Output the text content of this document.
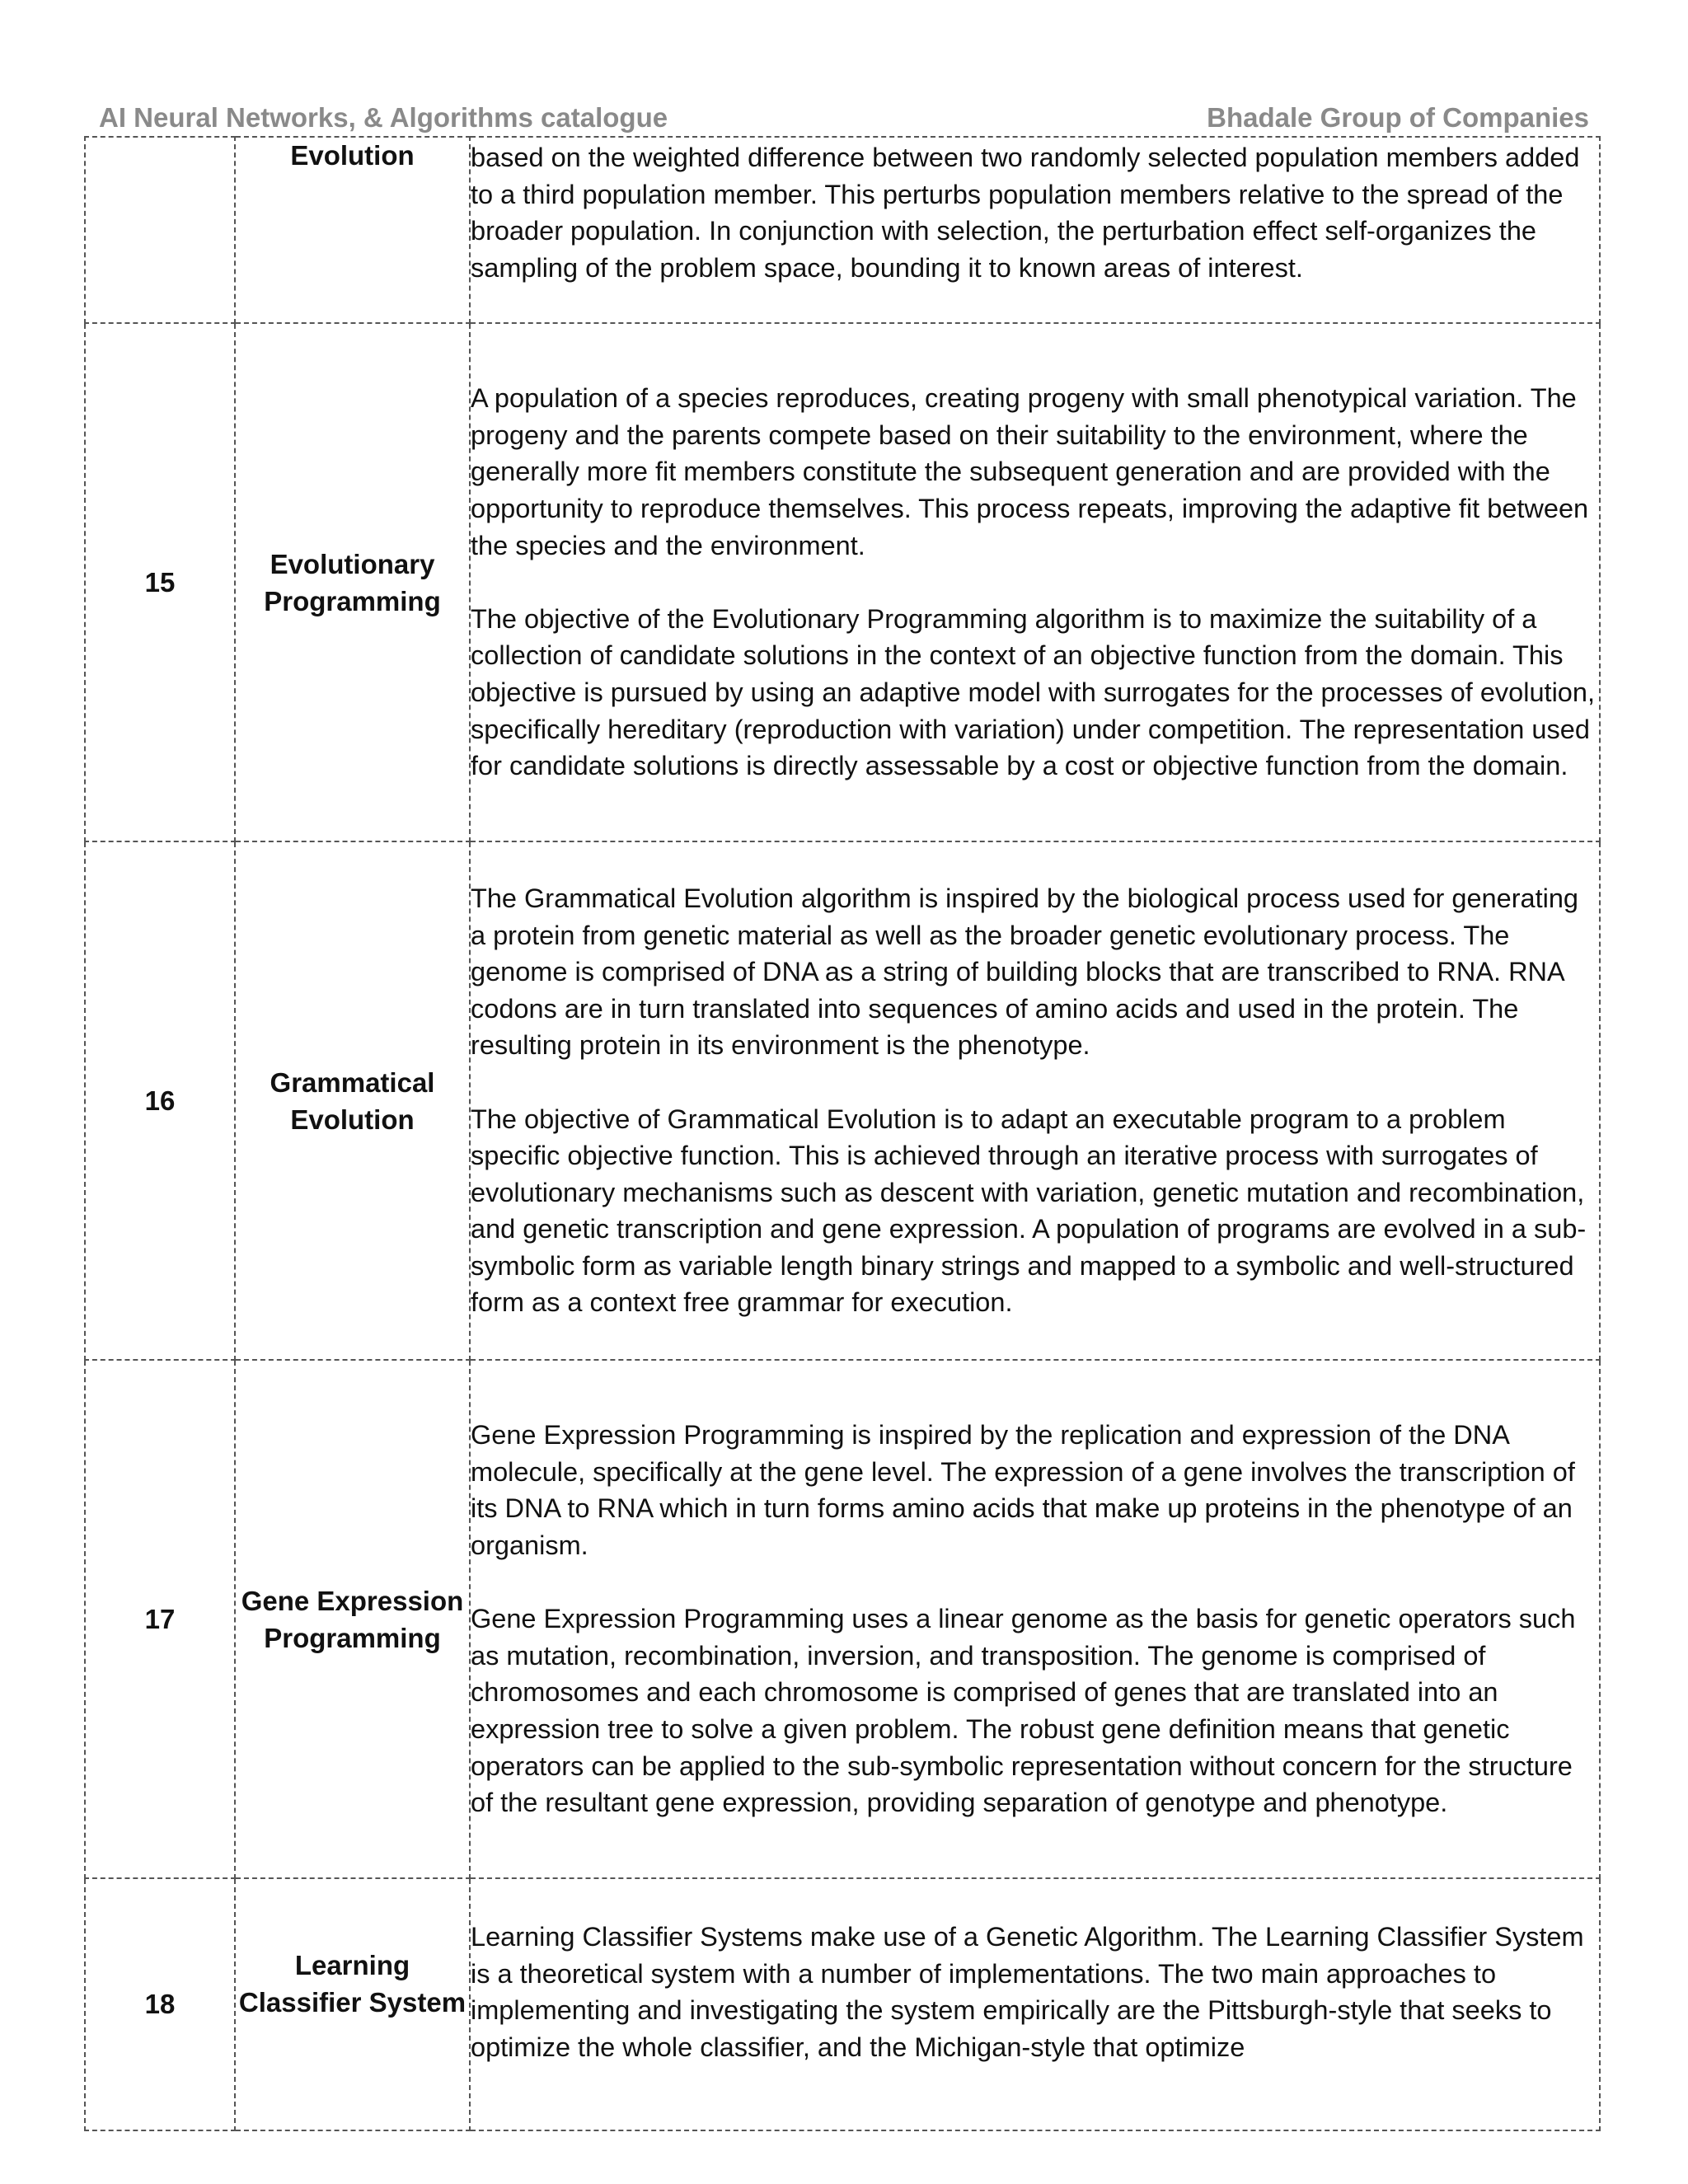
AI Neural Networks, & Algorithms catalogue	Bhadale Group of Companies
	Evolution	based on the weighted difference between two randomly selected population members added to a third population member. This perturbs population members relative to the spread of the broader population. In conjunction with selection, the perturbation effect self-organizes the sampling of the problem space, bounding it to known areas of interest.

15	Evolutionary Programming	A population of a species reproduces, creating progeny with small phenotypical variation. The progeny and the parents compete based on their suitability to the environment, where the generally more fit members constitute the subsequent generation and are provided with the opportunity to reproduce themselves. This process repeats, improving the adaptive fit between the species and the environment.

The objective of the Evolutionary Programming algorithm is to maximize the suitability of a collection of candidate solutions in the context of an objective function from the domain. This objective is pursued by using an adaptive model with surrogates for the processes of evolution, specifically hereditary (reproduction with variation) under competition. The representation used for candidate solutions is directly assessable by a cost or objective function from the domain.

16	Grammatical Evolution	The Grammatical Evolution algorithm is inspired by the biological process used for generating a protein from genetic material as well as the broader genetic evolutionary process. The genome is comprised of DNA as a string of building blocks that are transcribed to RNA. RNA codons are in turn translated into sequences of amino acids and used in the protein. The resulting protein in its environment is the phenotype.

The objective of Grammatical Evolution is to adapt an executable program to a problem specific objective function. This is achieved through an iterative process with surrogates of evolutionary mechanisms such as descent with variation, genetic mutation and recombination, and genetic transcription and gene expression. A population of programs are evolved in a sub-symbolic form as variable length binary strings and mapped to a symbolic and well-structured form as a context free grammar for execution.

17	Gene Expression Programming	Gene Expression Programming is inspired by the replication and expression of the DNA molecule, specifically at the gene level. The expression of a gene involves the transcription of its DNA to RNA which in turn forms amino acids that make up proteins in the phenotype of an organism.

Gene Expression Programming uses a linear genome as the basis for genetic operators such as mutation, recombination, inversion, and transposition. The genome is comprised of chromosomes and each chromosome is comprised of genes that are translated into an expression tree to solve a given problem. The robust gene definition means that genetic operators can be applied to the sub-symbolic representation without concern for the structure of the resultant gene expression, providing separation of genotype and phenotype.

18	Learning Classifier System	Learning Classifier Systems make use of a Genetic Algorithm. The Learning Classifier System is a theoretical system with a number of implementations. The two main approaches to implementing and investigating the system empirically are the Pittsburgh-style that seeks to optimize the whole classifier, and the Michigan-style that optimize
